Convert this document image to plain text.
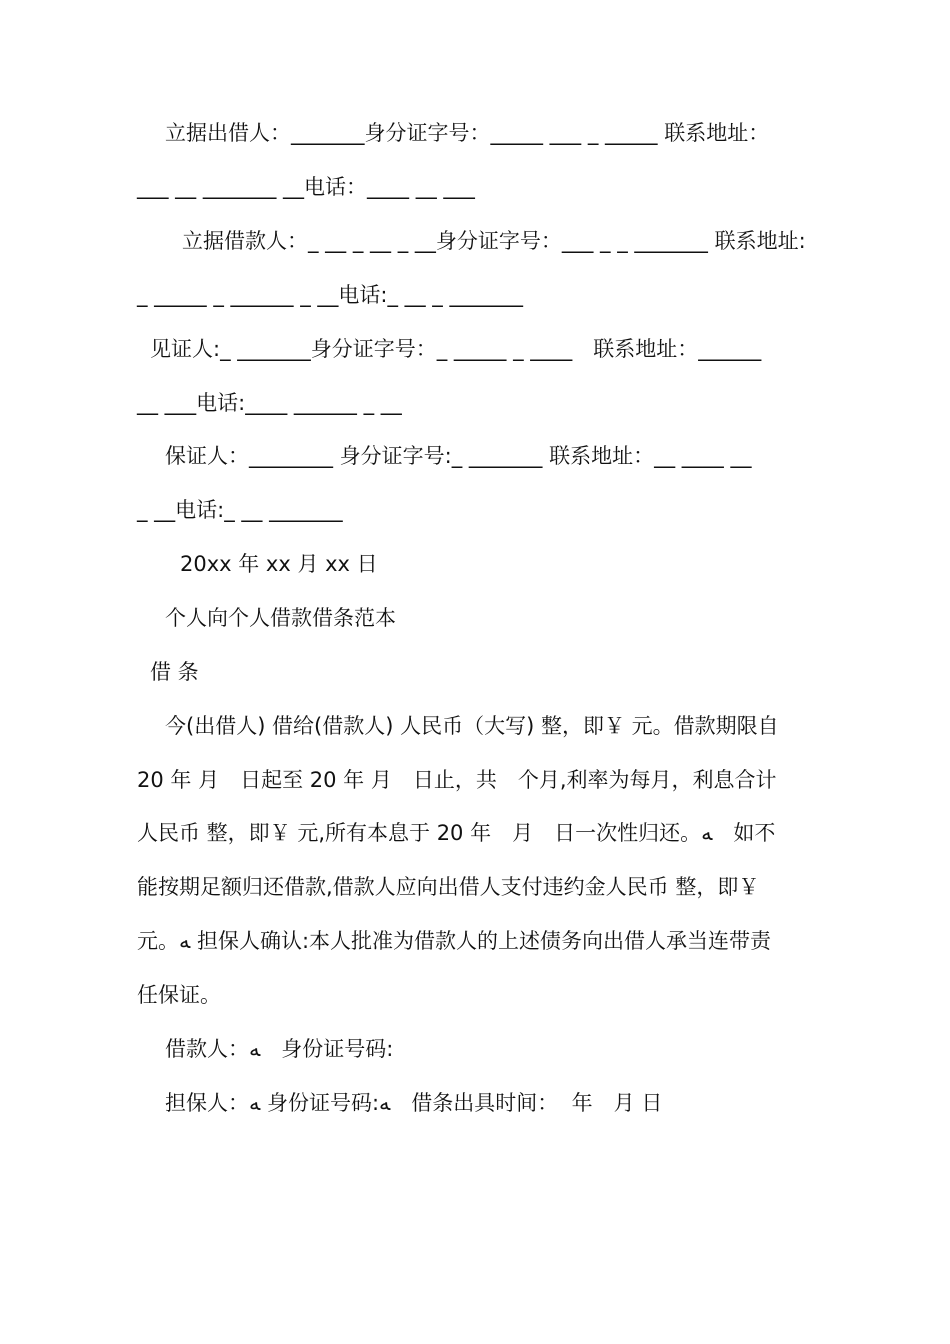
立据出借人：_______身分证字号：_____ ___ _ _____ 联系地址：
___ __ _______ __电话：____ __ ___
立据借款人：_ __ _ __ _ __身分证字号：___ _ _ _______ 联系地址:
_ _____ _ ______ _ __电话:_ __ _ _______
见证人:_ _______身分证字号：_ _____ _ ____　联系地址：______
__ ___电话:____ ______ _ __
保证人：________ 身分证字号:_ _______ 联系地址：__ ____ __
_ __电话:_ __ _______
20xx 年 xx 月 xx 日
个人向个人借款借条范本
借 条
今(出借人) 借给(借款人) 人民币（大写) 整，即￥ 元。借款期限自
20 年 月　日起至 20 年 月　日止，共　个月,利率为每月，利息合计
人民币 整，即￥ 元,所有本息于 20 年　月　日一次性归还。ﻪ　如不
能按期足额归还借款,借款人应向出借人支付违约金人民币 整，即￥
元。ﻪ 担保人确认:本人批准为借款人的上述债务向出借人承当连带责
任保证。
借款人：ﻪ　身份证号码:
担保人：ﻪ 身份证号码:ﻪ　借条出具时间：  年　月 日
